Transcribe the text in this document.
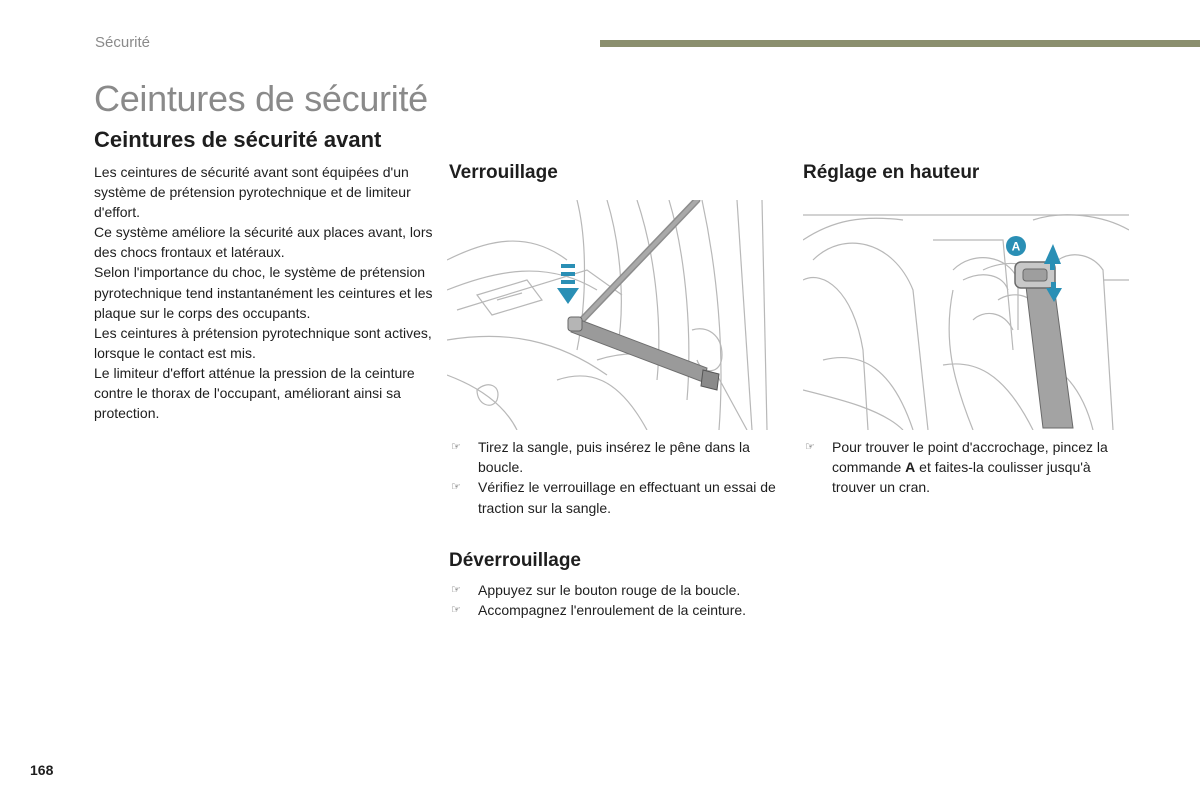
Sécurité
Ceintures de sécurité
Ceintures de sécurité avant

Les ceintures de sécurité avant sont équipées d'un système de prétension pyrotechnique et de limiteur d'effort.

Ce système améliore la sécurité aux places avant, lors des chocs frontaux et latéraux.

Selon l'importance du choc, le système de prétension pyrotechnique tend instantanément les ceintures et les plaque sur le corps des occupants.

Les ceintures à prétension pyrotechnique sont actives, lorsque le contact est mis.

Le limiteur d'effort atténue la pression de la ceinture contre le thorax de l'occupant, améliorant ainsi sa protection.

Verrouillage
☞ Tirez la sangle, puis insérez le pêne dans la boucle.
☞ Vérifiez le verrouillage en effectuant un essai de traction sur la sangle.
Déverrouillage
☞ Appuyez sur le bouton rouge de la boucle.
☞ Accompagnez l'enroulement de la ceinture.
Réglage en hauteur
A
☞ Pour trouver le point d'accrochage, pincez la commande A et faites-la coulisser jusqu'à trouver un cran.
168
